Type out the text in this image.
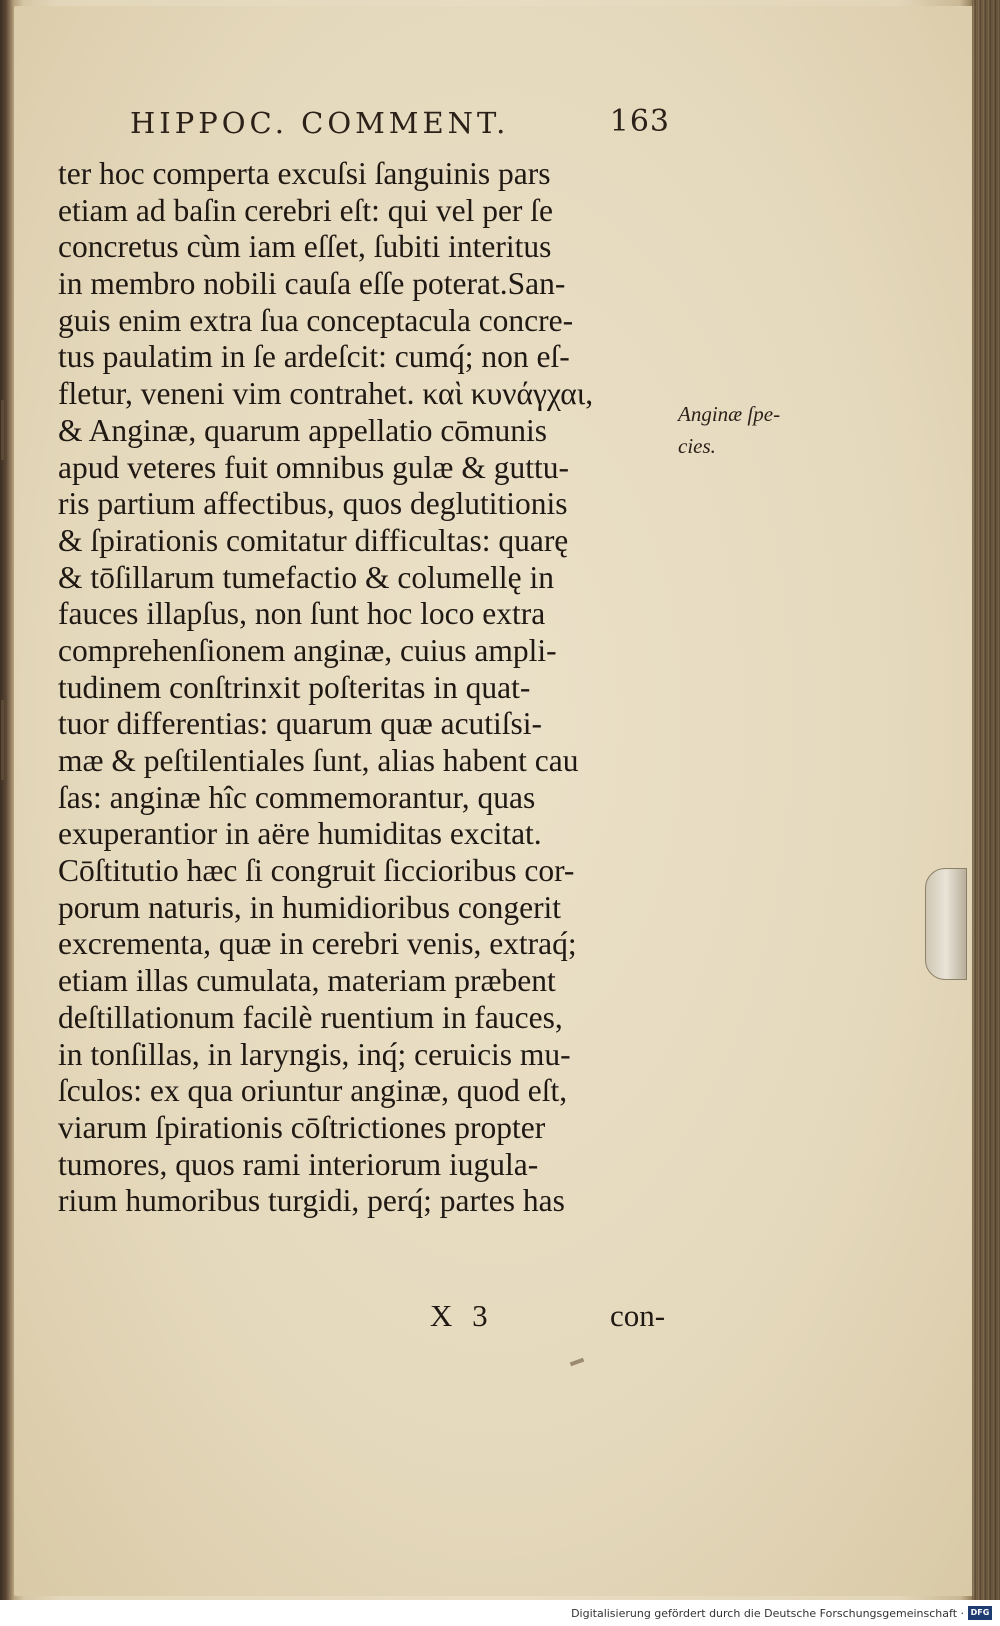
HIPPOC. COMMENT.	163
ter hoc comperta excuſsi ſanguinis pars
etiam ad baſin cerebri eſt: qui vel per ſe
concretus cùm iam eſſet, ſubiti interitus
in membro nobili cauſa eſſe poterat.San-
guis enim extra ſua conceptacula concre-
tus paulatim in ſe ardeſcit: cumq́; non eſ-
fletur, veneni vim contrahet. καὶ κυνάγχαι,
& Anginæ, quarum appellatio cōmunis
apud veteres fuit omnibus gulæ & guttu-
ris partium affectibus, quos deglutitionis
& ſpirationis comitatur difficultas: quarę
& tōſillarum tumefactio & columellę in
fauces illapſus, non ſunt hoc loco extra
comprehenſionem anginæ, cuius ampli-
tudinem conſtrinxit poſteritas in quat-
tuor differentias: quarum quæ acutiſsi-
mæ & peſtilentiales ſunt, alias habent cau
ſas: anginæ hîc commemorantur, quas
exuperantior in aëre humiditas excitat.
Cōſtitutio hæc ſi congruit ſiccioribus cor-
porum naturis, in humidioribus congerit
excrementa, quæ in cerebri venis, extraq́;
etiam illas cumulata, materiam præbent
deſtillationum facilè ruentium in fauces,
in tonſillas, in laryngis, inq́; ceruicis mu-
ſculos: ex qua oriuntur anginæ, quod eſt,
viarum ſpirationis cōſtrictiones propter
tumores, quos rami interiorum iugula-
rium humoribus turgidi, perq́; partes has
Anginæ ſpe-
cies.
X 3	con-
Digitalisierung gefördert durch die Deutsche Forschungsgemeinschaft · DFG
